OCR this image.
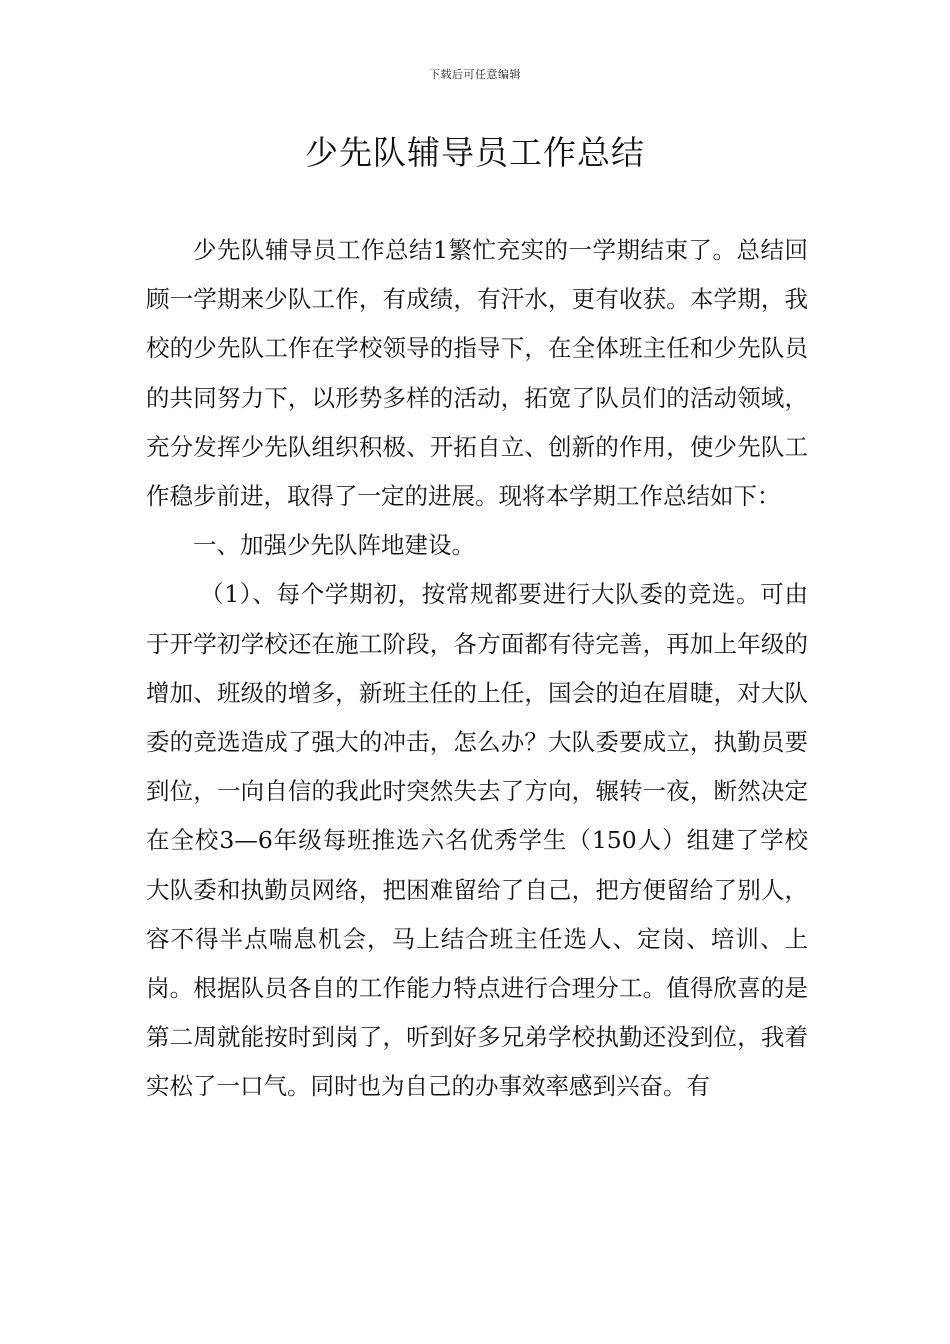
下载后可任意编辑
少先队辅导员工作总结

少先队辅导员工作总结1繁忙充实的一学期结束了。总结回顾一学期来少队工作，有成绩，有汗水，更有收获。本学期，我校的少先队工作在学校领导的指导下，在全体班主任和少先队员的共同努力下，以形势多样的活动，拓宽了队员们的活动领域，充分发挥少先队组织积极、开拓自立、创新的作用，使少先队工作稳步前进，取得了一定的进展。现将本学期工作总结如下：

一、加强少先队阵地建设。

（1）、每个学期初，按常规都要进行大队委的竞选。可由于开学初学校还在施工阶段，各方面都有待完善，再加上年级的增加、班级的增多，新班主任的上任，国会的迫在眉睫，对大队委的竞选造成了强大的冲击，怎么办？大队委要成立，执勤员要到位，一向自信的我此时突然失去了方向，辗转一夜，断然决定在全校3—6年级每班推选六名优秀学生（150人）组建了学校大队委和执勤员网络，把困难留给了自己，把方便留给了别人，容不得半点喘息机会，马上结合班主任选人、定岗、培训、上岗。根据队员各自的工作能力特点进行合理分工。值得欣喜的是第二周就能按时到岗了，听到好多兄弟学校执勤还没到位，我着实松了一口气。同时也为自己的办事效率感到兴奋。有
